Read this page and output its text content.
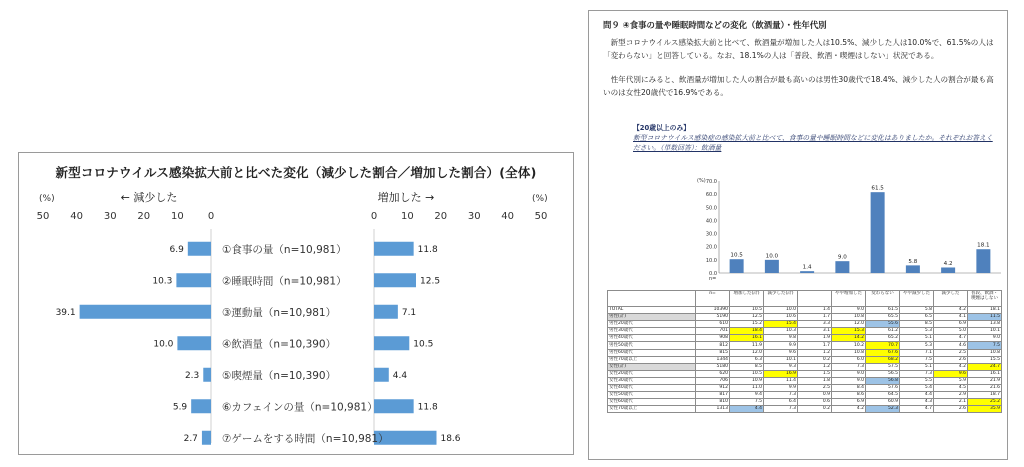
新型コロナウイルス感染拡大前と比べた変化（減少した割合／増加した割合）(全体)
(%)	(%)
← 減少した	増加した →
50 40 30 20 10 0	0 10 20 30 40 50
6.9	11.8
①食事の量（n=10,981）
10.3	12.5
②睡眠時間（n=10,981）
39.1	7.1
③運動量（n=10,981）
10.0	10.5
④飲酒量（n=10,390）
2.3	4.4
⑤喫煙量（n=10,390）
5.9	11.8
⑥カフェインの量（n=10,981）
2.7	18.6
⑦ゲームをする時間（n=10,981）
問９ ④食事の量や睡眠時間などの変化（飲酒量）・性年代別
新型コロナウイルス感染拡大前と比べて、飲酒量が増加した人は10.5%、減少した人は10.0%で、61.5%の人は「変わらない」と回答している。なお、18.1%の人は「普段、飲酒・喫煙はしない」状況である。
性年代別にみると、飲酒量が増加した人の割合が最も高いのは男性30歳代で18.4%、減少した人の割合が最も高いのは女性20歳代で16.9%である。
【20歳以上のみ】
新型コロナウイルス感染症の感染拡大前と比べて、食事の量や睡眠時間などに変化はありましたか。それぞれお答えください。（単数回答）：飲酒量
(%) 70.0
60.0
50.0
40.0
30.0
20.0
10.0
0.0
n=
10.5	10.0
1.4
9.0
61.5
5.8	4.2
18.1
	n=	増加した(計)	減少した(計)		やや増加した	変わらない	やや減少した	減少した	普段、飲酒・喫煙はしない
TOTAL	10390	10.5	10.0	1.4	9.0	61.5	5.8	4.2	18.1
男性(計)	5190	12.5	10.6	1.7	10.8	65.5	6.5	4.1	11.5
男性20歳代	610	15.2	15.4	3.3	12.0	55.6	8.5	6.9	13.8
男性30歳代	701	18.4	10.3	3.1	15.3	61.2	5.3	5.0	10.1
男性40歳代	908	16.1	9.8	1.9	14.2	65.2	5.1	4.7	9.0
男性50歳代	812	11.9	9.9	1.7	10.2	70.7	5.3	4.6	7.5
男性60歳代	815	12.0	9.6	1.2	10.8	67.6	7.1	2.5	10.8
男性70歳以上	1344	6.3	10.1	0.2	6.0	68.2	7.5	2.6	15.5
女性(計)	5180	8.5	9.3	1.2	7.3	57.5	5.1	4.2	24.7
女性20歳代	620	10.5	16.9	1.5	9.0	56.5	7.3	9.6	16.1
女性30歳代	706	10.9	11.4	1.8	9.0	56.8	5.5	5.9	21.9
女性40歳代	912	11.0	9.9	2.5	8.4	57.6	5.4	4.5	21.6
女性50歳代	817	9.4	7.3	0.9	8.6	64.5	4.4	2.9	18.7
女性60歳代	810	7.5	6.4	0.6	6.9	60.9	4.3	2.1	25.2
女性70歳以上	1313	4.4	7.3	0.2	4.2	52.3	4.7	2.6	35.9
